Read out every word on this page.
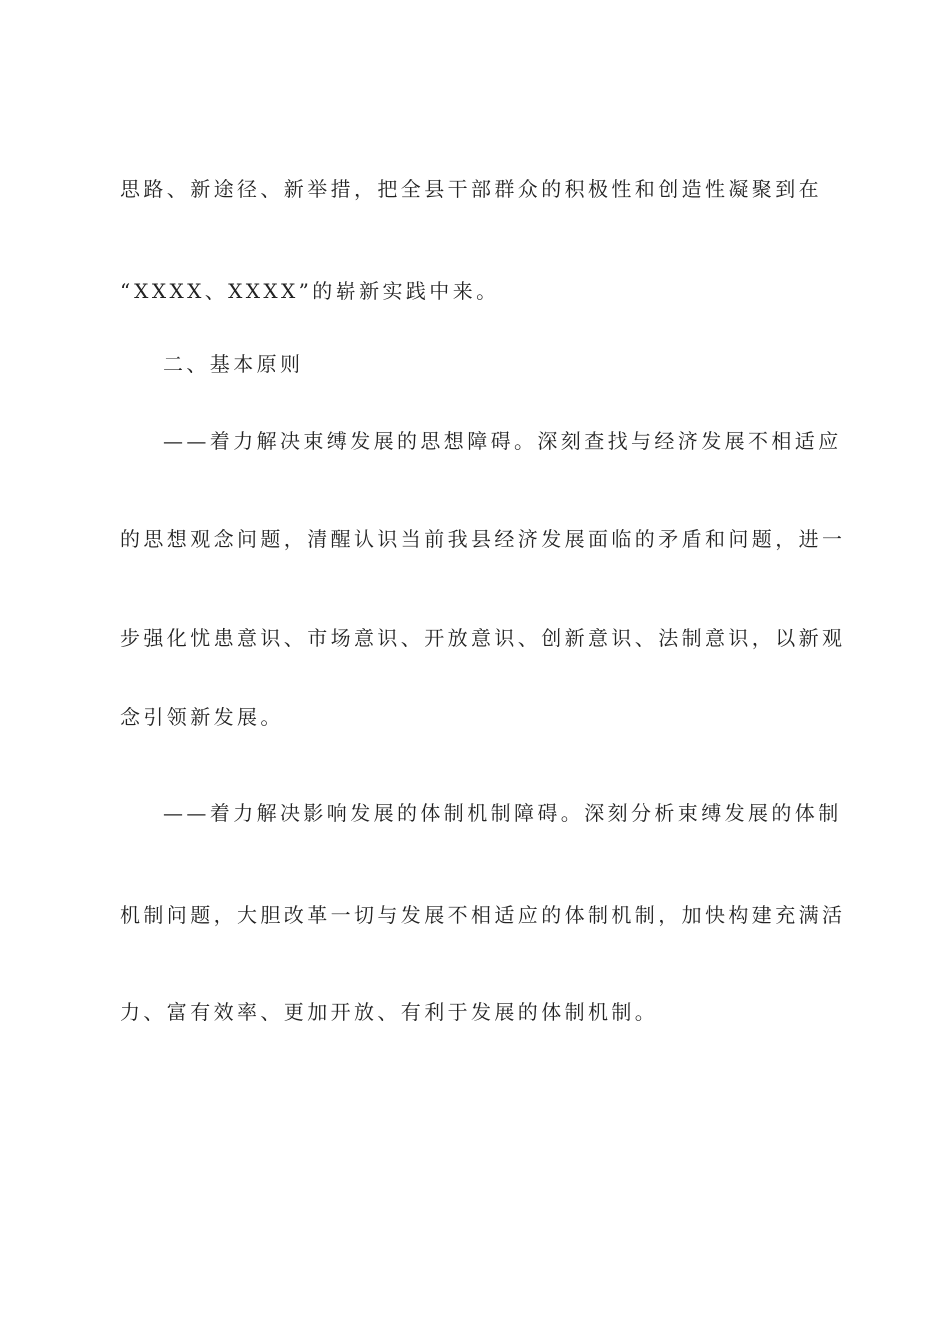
思路、新途径、新举措，把全县干部群众的积极性和创造性凝聚到在
“XXXX、XXXX”的崭新实践中来。
二、基本原则
——着力解决束缚发展的思想障碍。深刻查找与经济发展不相适应
的思想观念问题，清醒认识当前我县经济发展面临的矛盾和问题，进一
步强化忧患意识、市场意识、开放意识、创新意识、法制意识，以新观
念引领新发展。
——着力解决影响发展的体制机制障碍。深刻分析束缚发展的体制
机制问题，大胆改革一切与发展不相适应的体制机制，加快构建充满活
力、富有效率、更加开放、有利于发展的体制机制。
